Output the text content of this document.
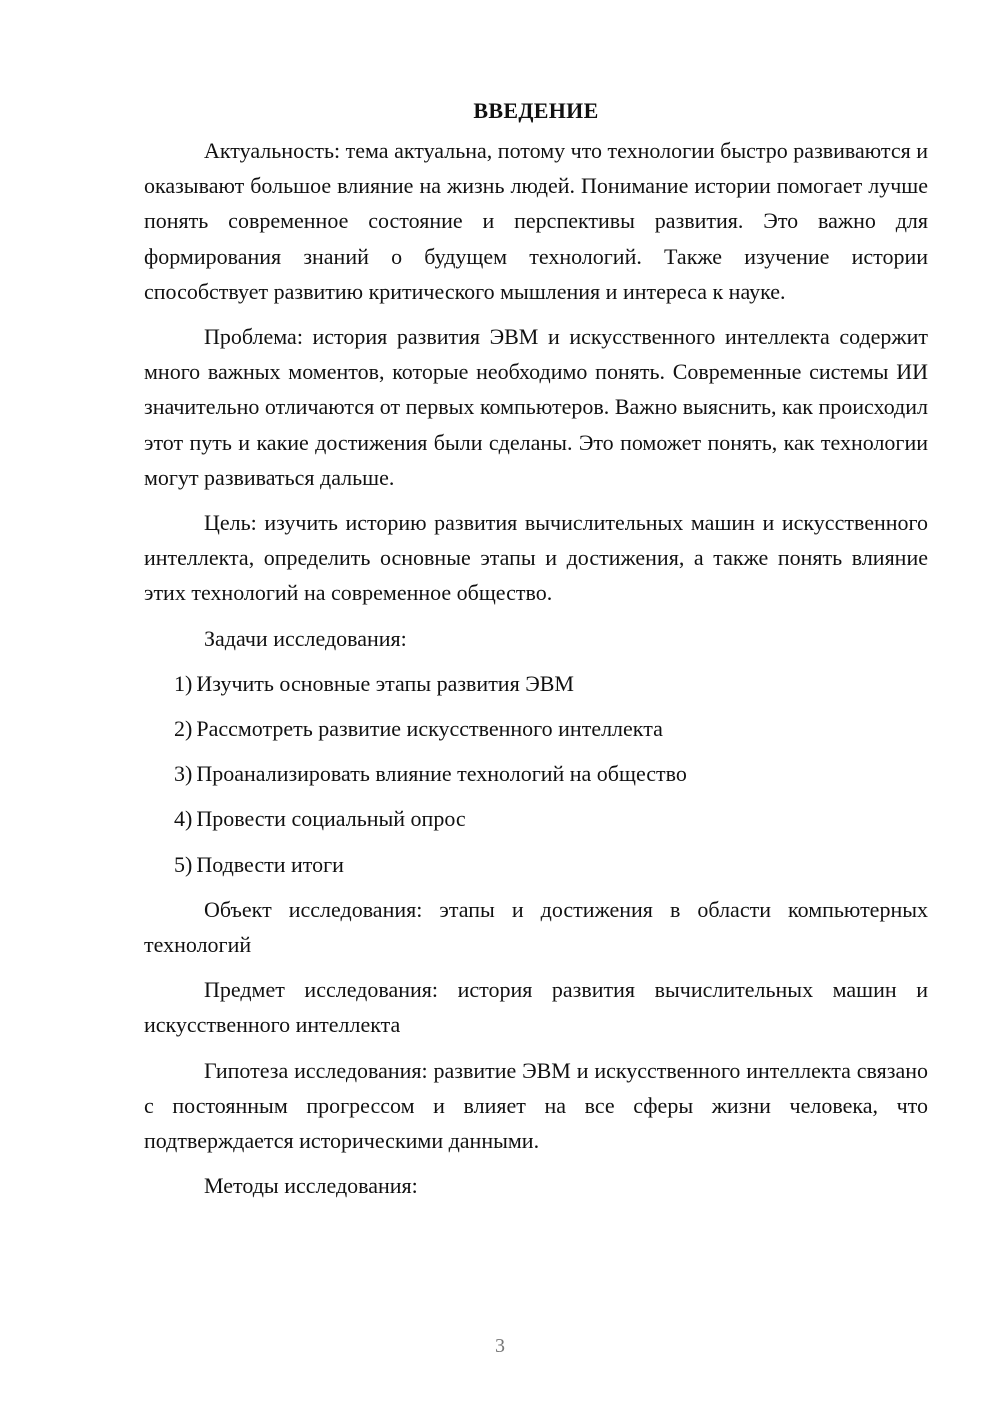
ВВЕДЕНИЕ

Актуальность: тема актуальна, потому что технологии быстро развиваются и оказывают большое влияние на жизнь людей. Понимание истории помогает лучше понять современное состояние и перспективы развития. Это важно для формирования знаний о будущем технологий. Также изучение истории способствует развитию критического мышления и интереса к науке.

Проблема: история развития ЭВМ и искусственного интеллекта содержит много важных моментов, которые необходимо понять. Современные системы ИИ значительно отличаются от первых компьютеров. Важно выяснить, как происходил этот путь и какие достижения были сделаны. Это поможет понять, как технологии могут развиваться дальше.

Цель: изучить историю развития вычислительных машин и искусственного интеллекта, определить основные этапы и достижения, а также понять влияние этих технологий на современное общество.

Задачи исследования:

1) Изучить основные этапы развития ЭВМ

2) Рассмотреть развитие искусственного интеллекта

3) Проанализировать влияние технологий на общество

4) Провести социальный опрос

5) Подвести итоги

Объект исследования: этапы и достижения в области компьютерных технологий

Предмет исследования: история развития вычислительных машин и искусственного интеллекта

Гипотеза исследования: развитие ЭВМ и искусственного интеллекта связано с постоянным прогрессом и влияет на все сферы жизни человека, что подтверждается историческими данными.

Методы исследования:

3
